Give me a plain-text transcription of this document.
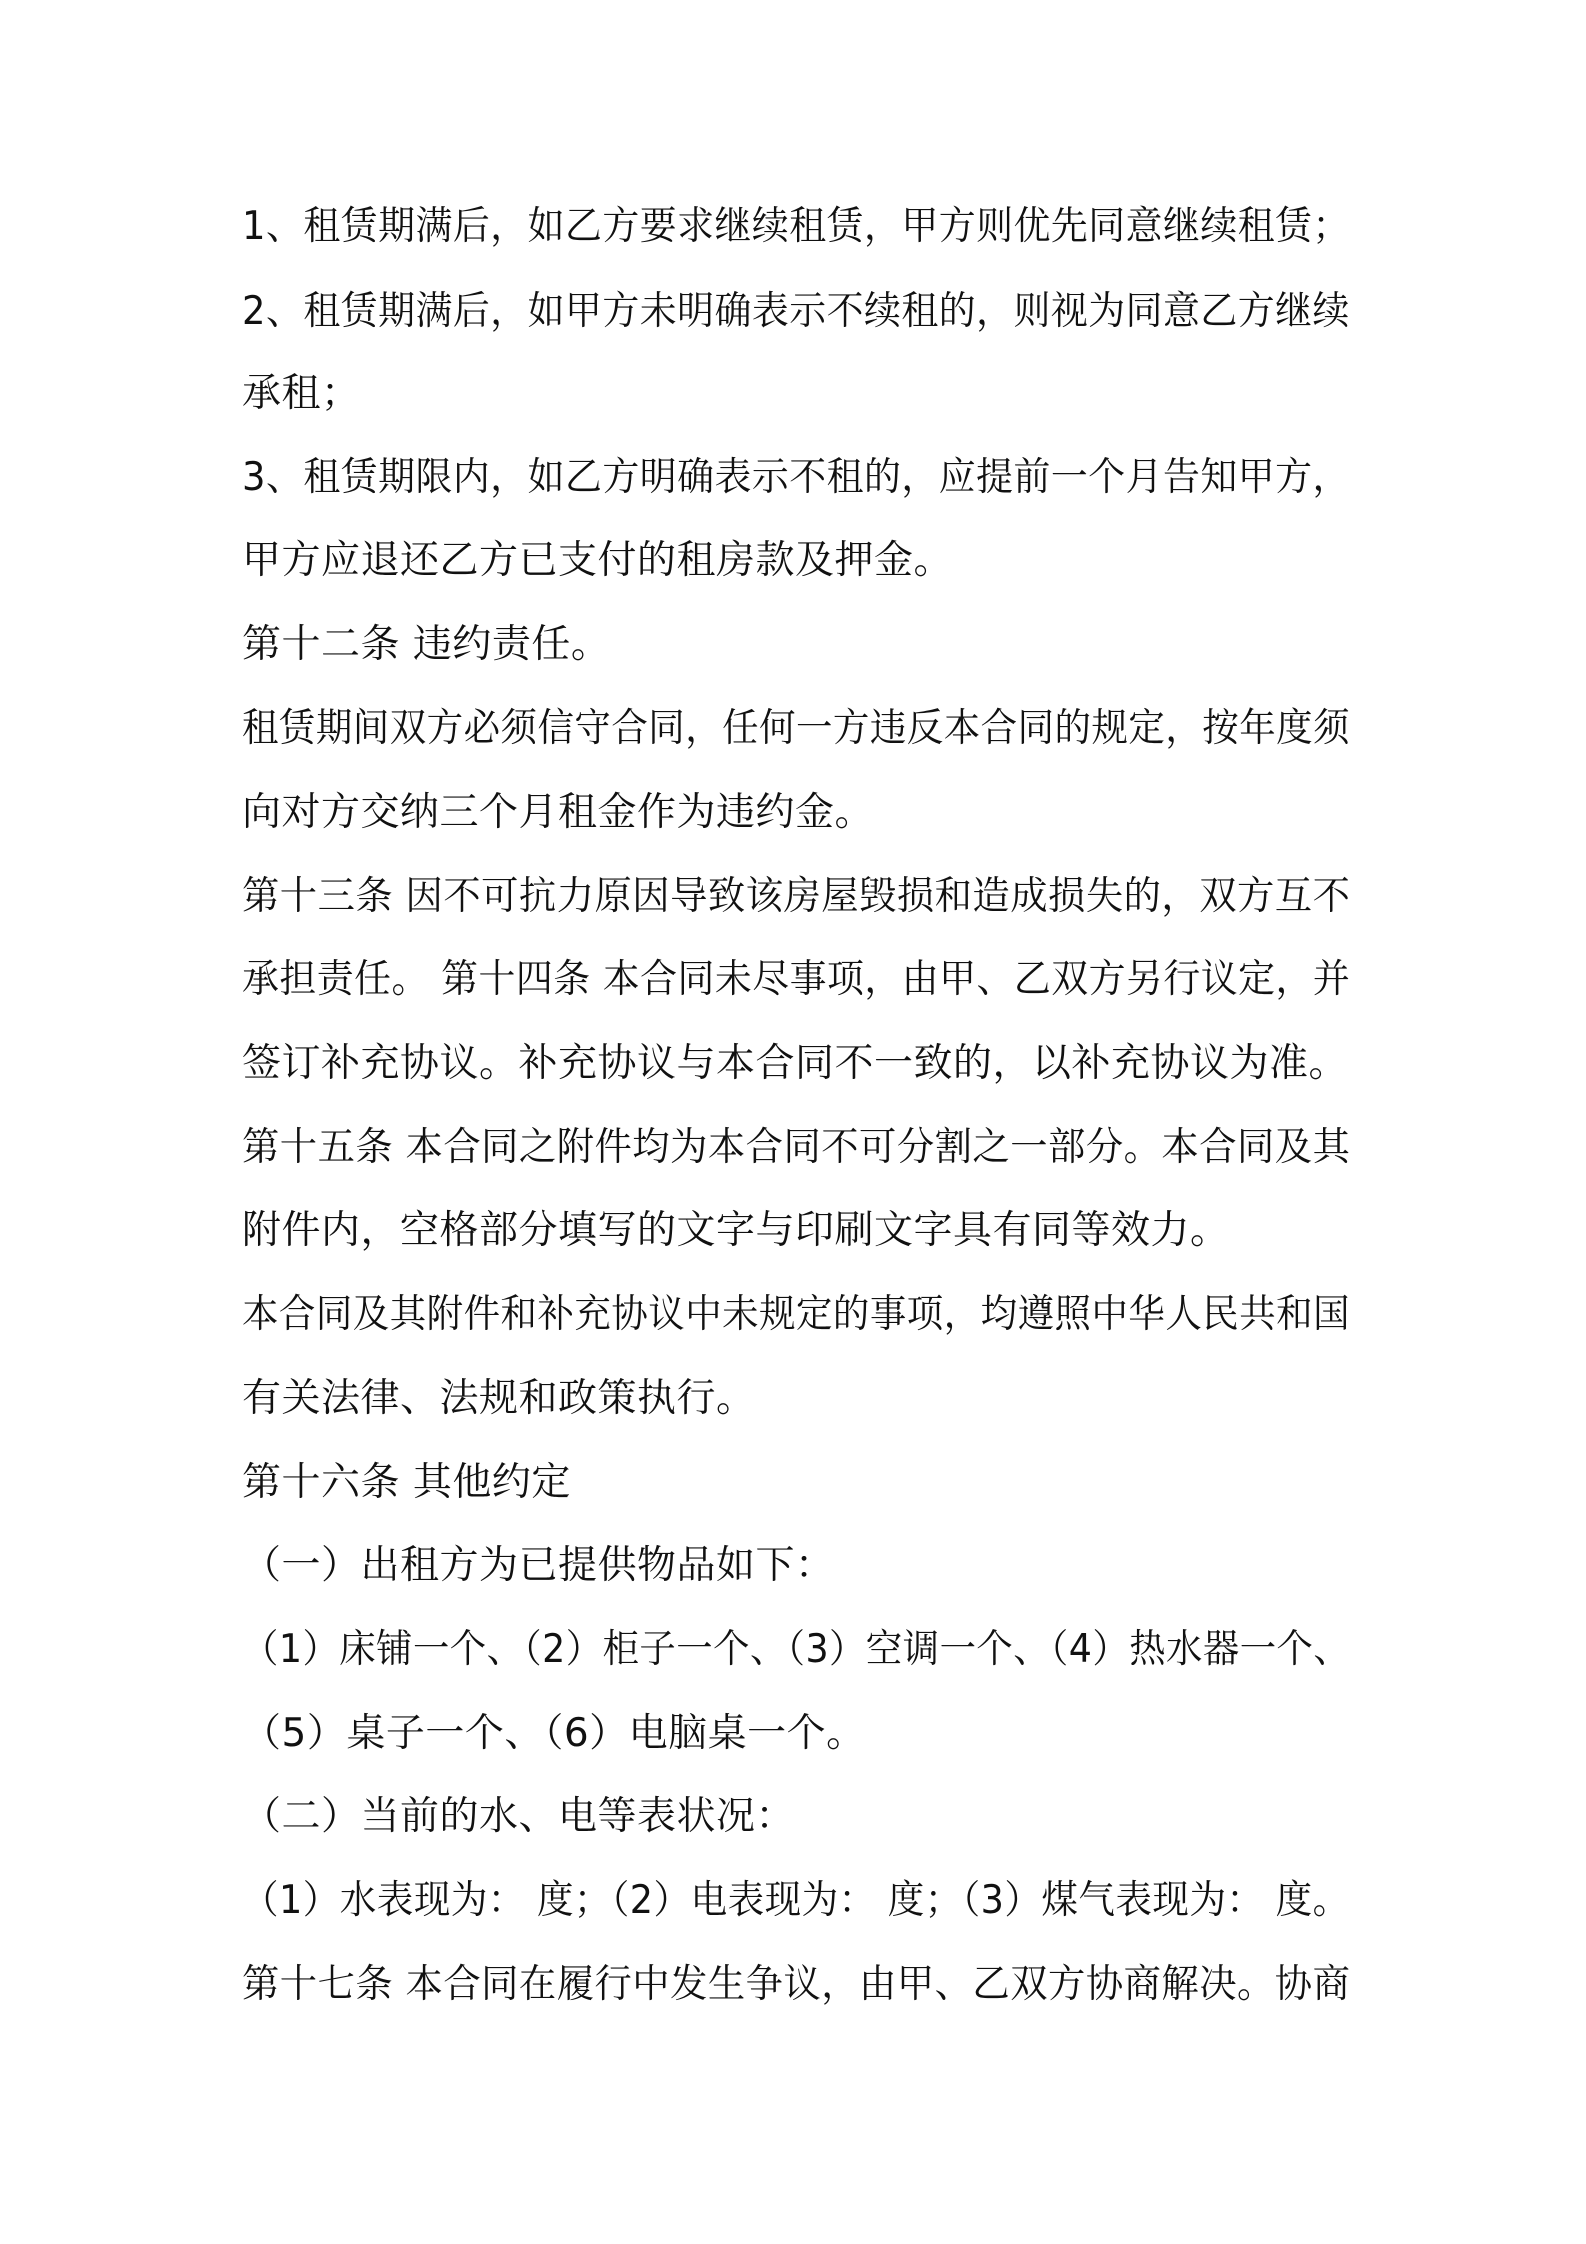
1、租赁期满后，如乙方要求继续租赁，甲方则优先同意继续租赁；
2、租赁期满后，如甲方未明确表示不续租的，则视为同意乙方继续
承租；
3、租赁期限内，如乙方明确表示不租的，应提前一个月告知甲方，
甲方应退还乙方已支付的租房款及押金。
第十二条 违约责任。
租赁期间双方必须信守合同，任何一方违反本合同的规定，按年度须
向对方交纳三个月租金作为违约金。
第十三条 因不可抗力原因导致该房屋毁损和造成损失的，双方互不
承担责任。 第十四条 本合同未尽事项，由甲、乙双方另行议定，并
签订补充协议。补充协议与本合同不一致的，以补充协议为准。
第十五条 本合同之附件均为本合同不可分割之一部分。本合同及其
附件内，空格部分填写的文字与印刷文字具有同等效力。
本合同及其附件和补充协议中未规定的事项，均遵照中华人民共和国
有关法律、法规和政策执行。
第十六条 其他约定
（一）出租方为已提供物品如下：
（1）床铺一个、（2）柜子一个、（3）空调一个、（4）热水器一个、
（5）桌子一个、（6）电脑桌一个。
（二）当前的水、电等表状况：
（1）水表现为： 度；（2）电表现为： 度；（3）煤气表现为： 度。
第十七条 本合同在履行中发生争议，由甲、乙双方协商解决。协商
